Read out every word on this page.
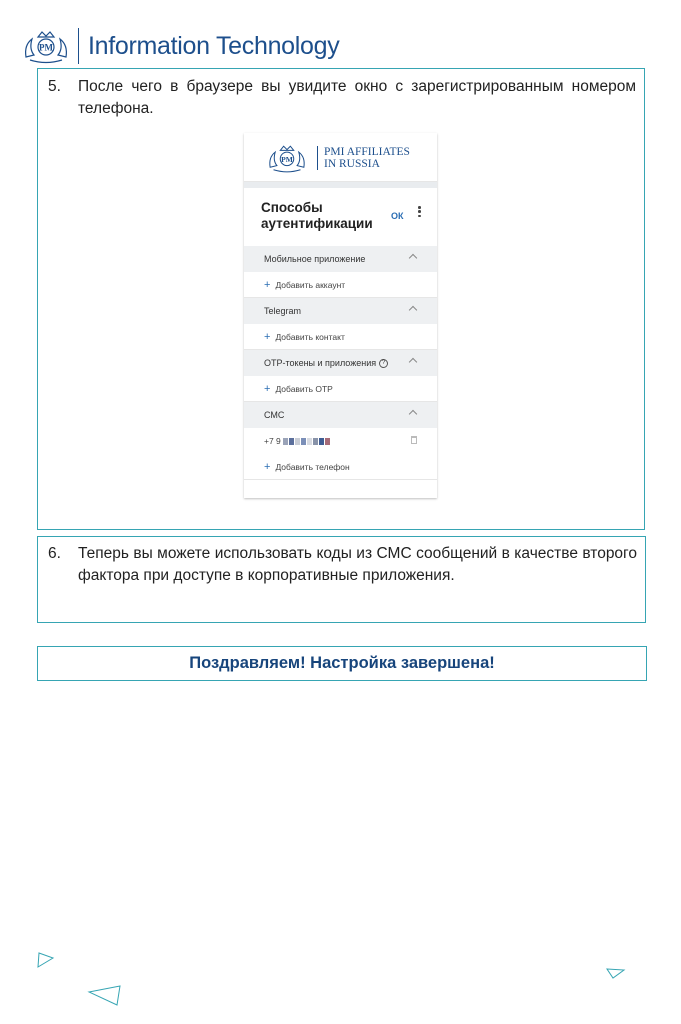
PM Information Technology
5.	После чего в браузере вы увидите окно с зарегистрированным номером телефона.
PM
PMI AFFILIATES
IN RUSSIA
Способы
аутентификации ОК
Мобильное приложение
+ Добавить аккаунт
Telegram
+ Добавить контакт
OTP-токены и приложения ?
+ Добавить OTP
СМС
+7 9
+ Добавить телефон
6.	Теперь вы можете использовать коды из СМС сообщений в качестве второго фактора при доступе в корпоративные приложения.
Поздравляем! Настройка завершена!
